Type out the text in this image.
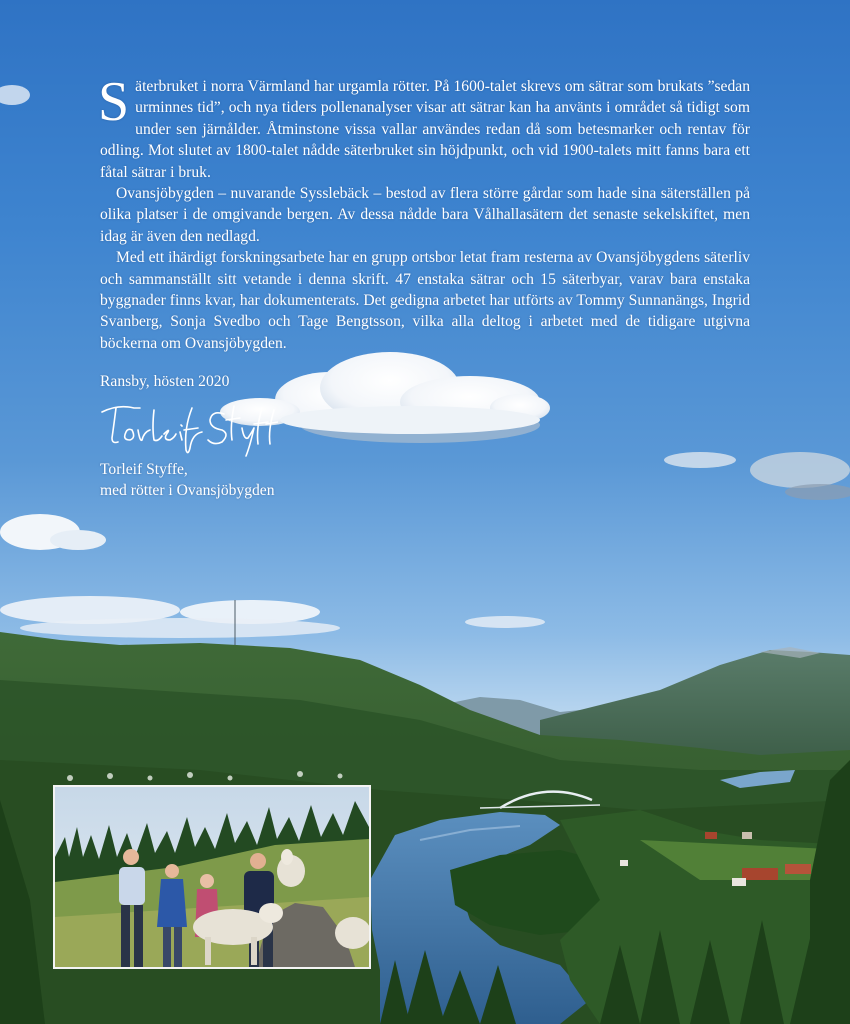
Säterbruket i norra Värmland har urgamla rötter. På 1600-talet skrevs om sätrar som brukats ”sedan urminnes tid”, och nya tiders pollenanalyser visar att sätrar kan ha använts i området så tidigt som under sen järnålder. Åtminstone vissa vallar användes redan då som betesmarker och rentav för odling. Mot slutet av 1800-talet nådde säterbruket sin höjdpunkt, och vid 1900-talets mitt fanns bara ett fåtal sätrar i bruk.

Ovansjöbygden – nuvarande Sysslebäck – bestod av flera större gårdar som hade sina säterställen på olika platser i de omgivande bergen. Av dessa nådde bara Vålhallasätern det senaste sekelskiftet, men idag är även den nedlagd.

Med ett ihärdigt forskningsarbete har en grupp ortsbor letat fram resterna av Ovansjöbygdens säterliv och sammanställt sitt vetande i denna skrift. 47 enstaka sätrar och 15 säterbyar, varav bara enstaka byggnader finns kvar, har dokumenterats. Det gedigna arbetet har utförts av Tommy Sunnanängs, Ingrid Svanberg, Sonja Svedbo och Tage Bengtsson, vilka alla deltog i arbetet med de tidigare utgivna böckerna om Ovansjöbygden.

Ransby, hösten 2020
Torleif Styffe,
med rötter i Ovansjöbygden
